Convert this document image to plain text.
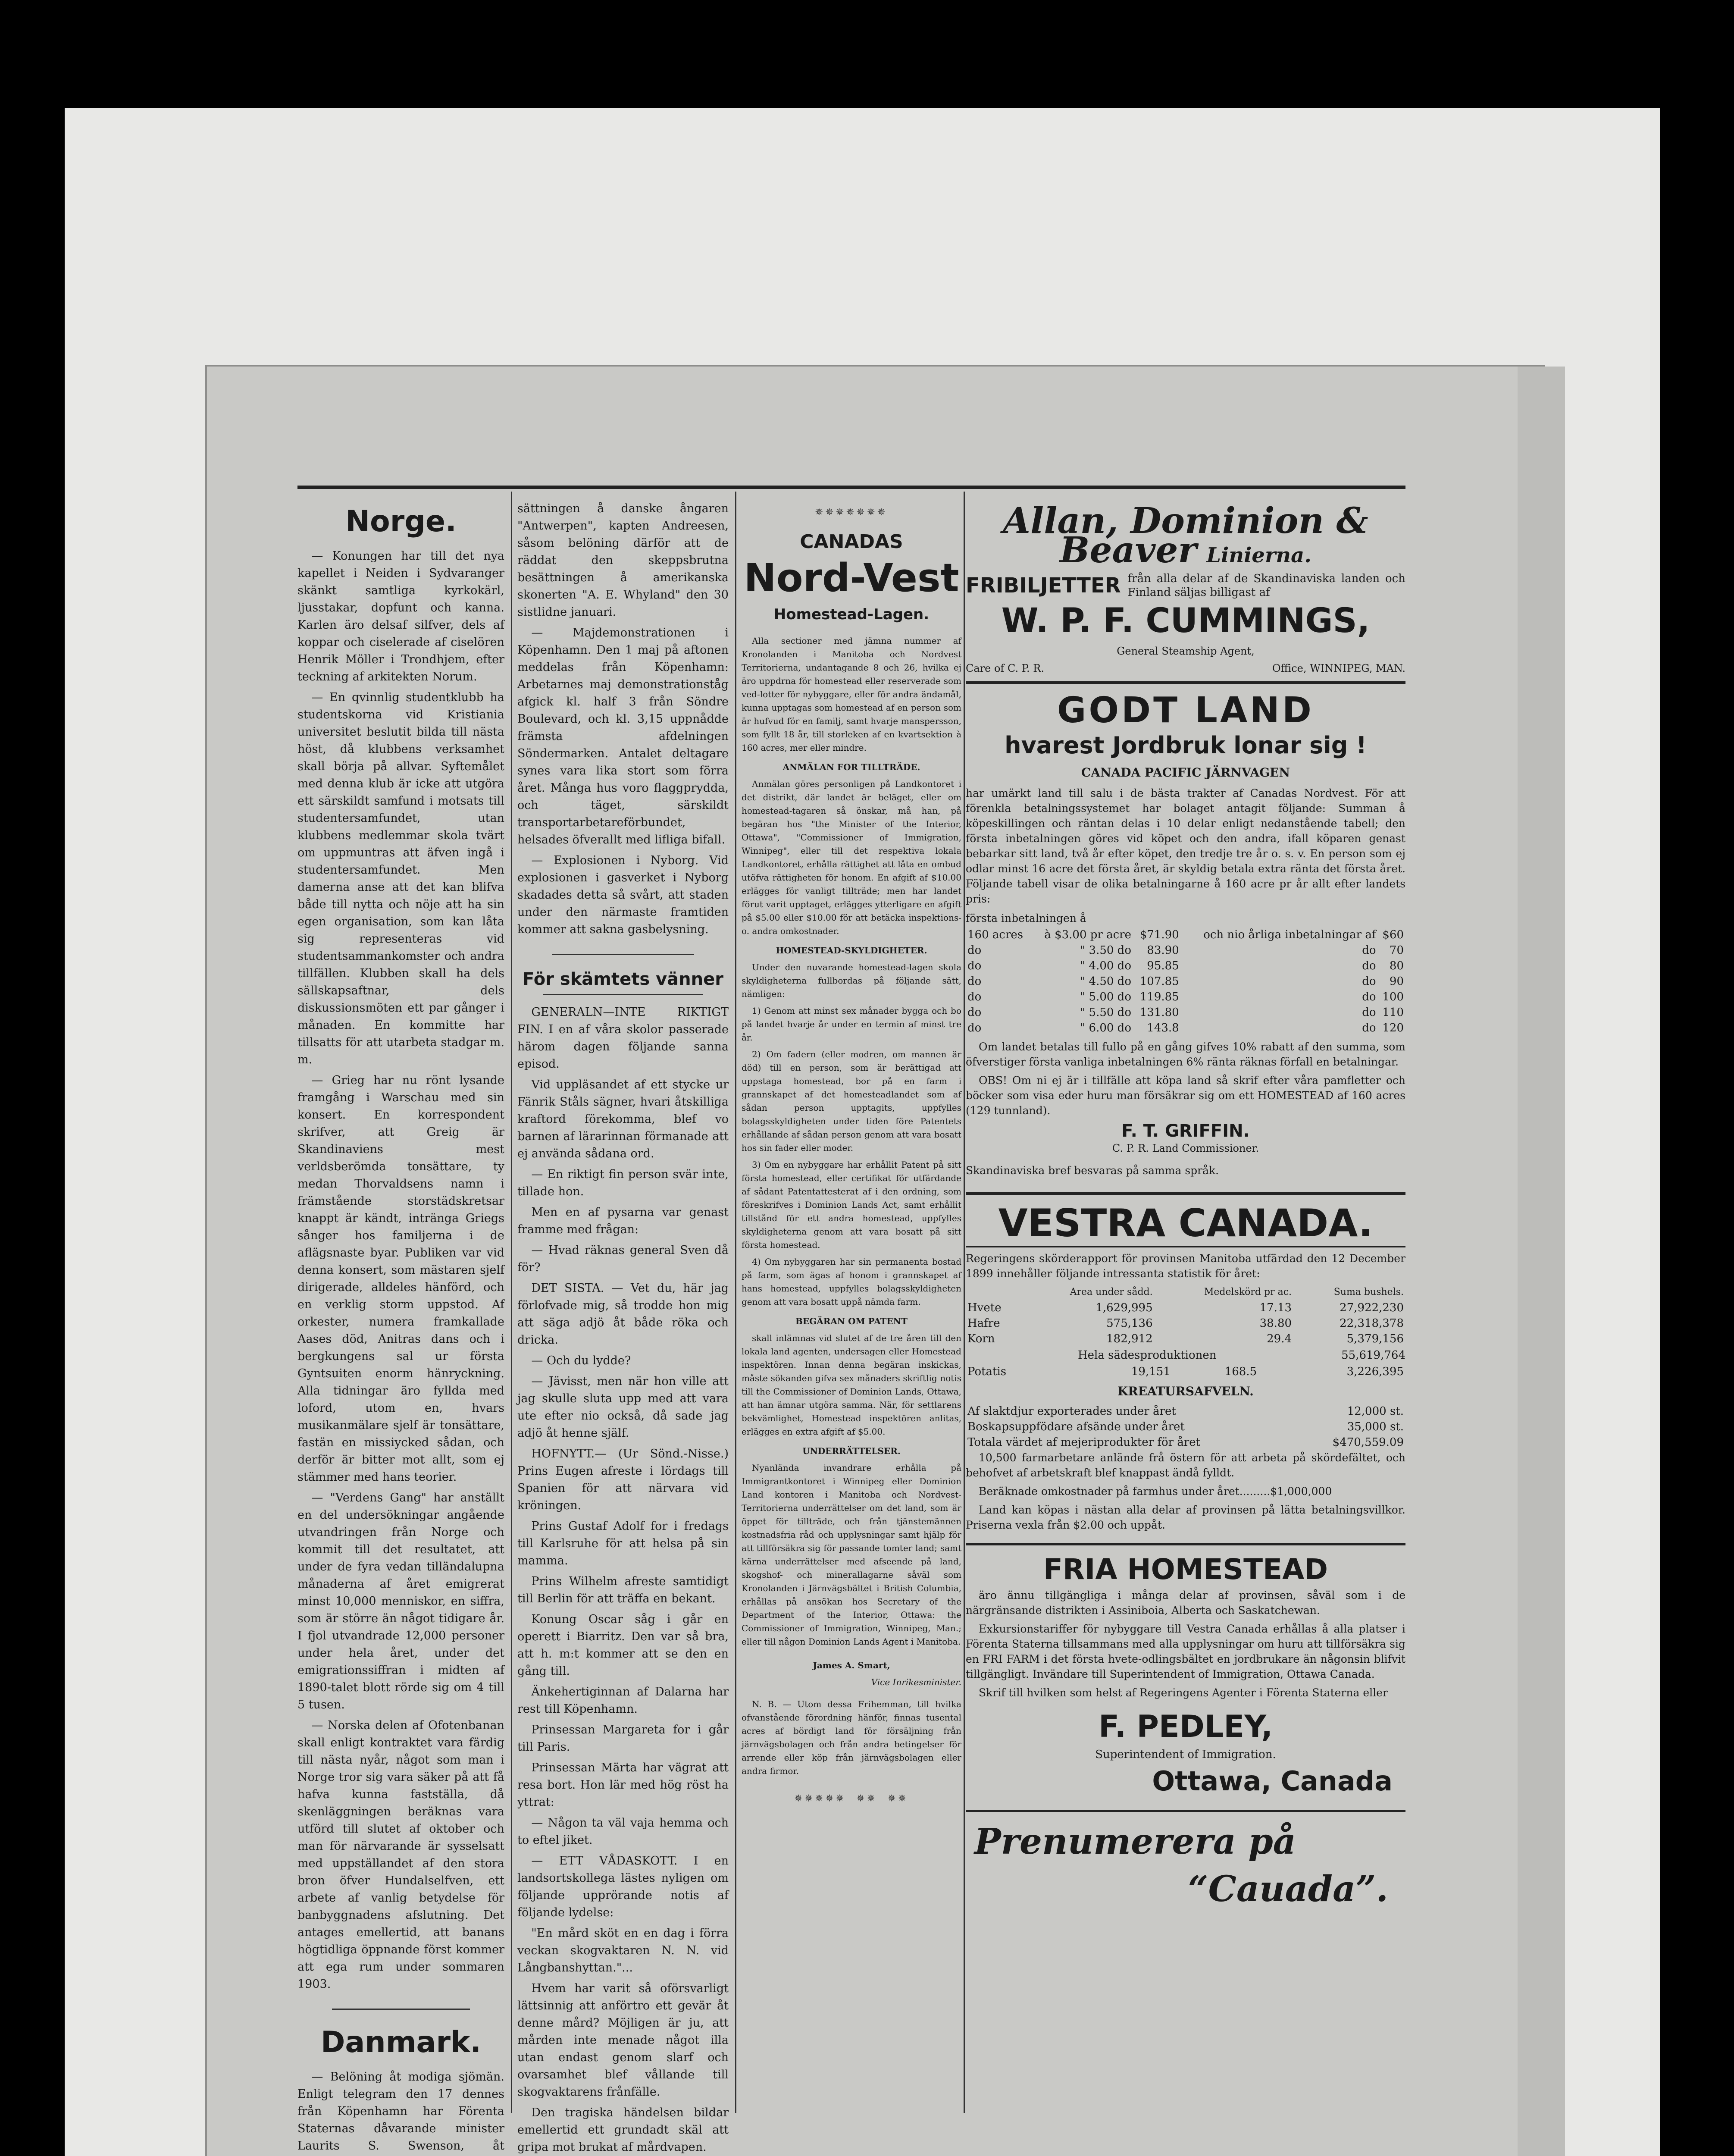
Norge.

— Konungen har till det nya kapellet i Neiden i Sydvaranger skänkt samtliga kyrkokärl, ljusstakar, dopfunt och kanna. Karlen äro delsaf silfver, dels af koppar och ciselerade af ciselören Henrik Möller i Trondhjem, efter teckning af arkitekten Norum.

— En qvinnlig studentklubb ha studentskorna vid Kristiania universitet beslutit bilda till nästa höst, då klubbens verksamhet skall börja på allvar. Syftemålet med denna klub är icke att utgöra ett särskildt samfund i motsats till studentersamfundet, utan klubbens medlemmar skola tvärt om uppmuntras att äfven ingå i studentersamfundet. Men damerna anse att det kan blifva både till nytta och nöje att ha sin egen organisation, som kan låta sig representeras vid studentsammankomster och andra tillfällen. Klubben skall ha dels sällskapsaftnar, dels diskussionsmöten ett par gånger i månaden. En kommitte har tillsatts för att utarbeta stadgar m. m.

— Grieg har nu rönt lysande framgång i Warschau med sin konsert. En korrespondent skrifver, att Greig är Skandinaviens mest verldsberömda tonsättare, ty medan Thorvaldsens namn i främstående storstädskretsar knappt är kändt, intränga Griegs sånger hos familjerna i de aflägsnaste byar. Publiken var vid denna konsert, som mästaren sjelf dirigerade, alldeles hänförd, och en verklig storm uppstod. Af orkester, numera framkallade Aases död, Anitras dans och i bergkungens sal ur första Gyntsuiten enorm hänryckning. Alla tidningar äro fyllda med loford, utom en, hvars musikanmälare sjelf är tonsättare, fastän en missiycked sådan, och derför är bitter mot allt, som ej stämmer med hans teorier.

— "Verdens Gang" har anställt en del undersökningar angående utvandringen från Norge och kommit till det resultatet, att under de fyra vedan tilländalupna månaderna af året emigrerat minst 10,000 menniskor, en siffra, som är större än något tidigare år. I fjol utvandrade 12,000 personer under hela året, under det emigrationssiffran i midten af 1890-talet blott rörde sig om 4 till 5 tusen.

— Norska delen af Ofotenbanan skall enligt kontraktet vara färdig till nästa nyår, något som man i Norge tror sig vara säker på att få hafva kunna fastställa, då skenläggningen beräknas vara utförd till slutet af oktober och man för närvarande är sysselsatt med uppställandet af den stora bron öfver Hundalselfven, ett arbete af vanlig betydelse för banbyggnadens afslutning. Det antages emellertid, att banans högtidliga öppnande först kommer att ega rum under sommaren 1903.

Danmark.

— Belöning åt modiga sjömän. Enligt telegram den 17 dennes från Köpenhamn har Förenta Staternas dåvarande minister Laurits S. Swenson, åt

sättningen å danske ångaren "Antwerpen", kapten Andreesen, såsom belöning därför att de räddat den skeppsbrutna besättningen å amerikanska skonerten "A. E. Whyland" den 30 sistlidne januari.

— Majdemonstrationen i Köpenhamn. Den 1 maj på aftonen meddelas från Köpenhamn: Arbetarnes maj demonstrationståg afgick kl. half 3 från Söndre Boulevard, och kl. 3,15 uppnådde främsta afdelningen Söndermarken. Antalet deltagare synes vara lika stort som förra året. Många hus voro flaggprydda, och täget, särskildt transportarbetareförbundet, helsades öfverallt med lifliga bifall.

— Explosionen i Nyborg. Vid explosionen i gasverket i Nyborg skadades detta så svårt, att staden under den närmaste framtiden kommer att sakna gasbelysning.

För skämtets vänner

GENERALN—INTE RIKTIGT FIN. I en af våra skolor passerade härom dagen följande sanna episod.

Vid uppläsandet af ett stycke ur Fänrik Ståls sägner, hvari åtskilliga kraftord förekomma, blef vo barnen af lärarinnan förmanade att ej använda sådana ord.

— En riktigt fin person svär inte, tillade hon.

Men en af pysarna var genast framme med frågan:

— Hvad räknas general Sven då för?

DET SISTA. — Vet du, här jag förlofvade mig, så trodde hon mig att säga adjö åt både röka och dricka.

— Och du lydde?

— Jävisst, men när hon ville att jag skulle sluta upp med att vara ute efter nio också, då sade jag adjö åt henne själf.

HOFNYTT.— (Ur Sönd.-Nisse.) Prins Eugen afreste i lördags till Spanien för att närvara vid kröningen.

Prins Gustaf Adolf for i fredags till Karlsruhe för att helsa på sin mamma.

Prins Wilhelm afreste samtidigt till Berlin för att träffa en bekant.

Konung Oscar såg i går en operett i Biarritz. Den var så bra, att h. m:t kommer att se den en gång till.

Änkehertiginnan af Dalarna har rest till Köpenhamn.

Prinsessan Margareta for i går till Paris.

Prinsessan Märta har vägrat att resa bort. Hon lär med hög röst ha yttrat:

— Någon ta väl vaja hemma och to eftel jiket.

— ETT VÅDASKOTT. I en landsortskollega lästes nyligen om följande upprörande notis af följande lydelse:

"En mård sköt en en dag i förra veckan skogvaktaren N. N. vid Långbanshyttan."...

Hvem har varit så oförsvarligt lättsinnig att anförtro ett gevär åt denne mård? Möjligen är ju, att mården inte menade något illa utan endast genom slarf och ovarsamhet blef vållande till skogvaktarens frånfälle.

Den tragiska händelsen bildar emellertid ett grundadt skäl att gripa mot brukat af mårdvapen.

✵✵✵✵✵✵✵
CANADAS
Nord-Vest
Homestead-Lagen.

Alla sectioner med jämna nummer af Kronolanden i Manitoba och Nordvest Territorierna, undantagande 8 och 26, hvilka ej äro uppdrna för homestead eller reserverade som ved-lotter för nybyggare, eller för andra ändamål, kunna upptagas som homestead af en person som är hufvud för en familj, samt hvarje manspersson, som fyllt 18 år, till storleken af en kvartsektion à 160 acres, mer eller mindre.

ANMÄLAN FOR TILLTRÄDE.

Anmälan göres personligen på Landkontoret i det distrikt, där landet är beläget, eller om homestead-tagaren så önskar, må han, på begäran hos "the Minister of the Interior, Ottawa", "Commissioner of Immigration, Winnipeg", eller till det respektiva lokala Landkontoret, erhålla rättighet att låta en ombud utöfva rättigheten för honom. En afgift af $10.00 erlägges för vanligt tillträde; men har landet förut varit upptaget, erlägges ytterligare en afgift på $5.00 eller $10.00 för att betäcka inspektions- o. andra omkostnader.

HOMESTEAD-SKYLDIGHETER.

Under den nuvarande homestead-lagen skola skyldigheterna fullbordas på följande sätt, nämligen:

1) Genom att minst sex månader bygga och bo på landet hvarje år under en termin af minst tre år.

2) Om fadern (eller modren, om mannen är död) till en person, som är berättigad att uppstaga homestead, bor på en farm i grannskapet af det homesteadlandet som af sådan person upptagits, uppfylles bolagsskyldigheten under tiden före Patentets erhållande af sådan person genom att vara bosatt hos sin fader eller moder.

3) Om en nybyggare har erhållit Patent på sitt första homestead, eller certifikat för utfärdande af sådant Patentattesterat af i den ordning, som föreskrifves i Dominion Lands Act, samt erhållit tillstånd för ett andra homestead, uppfylles skyldigheterna genom att vara bosatt på sitt första homestead.

4) Om nybyggaren har sin permanenta bostad på farm, som ägas af honom i grannskapet af hans homestead, uppfylles bolagsskyldigheten genom att vara bosatt uppå nämda farm.

BEGÄRAN OM PATENT

skall inlämnas vid slutet af de tre åren till den lokala land agenten, undersagen eller Homestead inspektören. Innan denna begäran inskickas, måste sökanden gifva sex månaders skriftlig notis till the Commissioner of Dominion Lands, Ottawa, att han ämnar utgöra samma. När, för settlarens bekvämlighet, Homestead inspektören anlitas, erlägges en extra afgift af $5.00.

UNDERRÄTTELSER.

Nyanlända invandrare erhålla på Immigrantkontoret i Winnipeg eller Dominion Land kontoren i Manitoba och Nordvest-Territorierna underrättelser om det land, som är öppet för tillträde, och från tjänstemännen kostnadsfria råd och upplysningar samt hjälp för att tillförsäkra sig för passande tomter land; samt kärna underrättelser med afseende på land, skogshof- och minerallagarne såväl som Kronolanden i Järnvägsbältet i British Columbia, erhållas på ansökan hos Secretary of the Department of the Interior, Ottawa: the Commissioner of Immigration, Winnipeg, Man.; eller till någon Dominion Lands Agent i Manitoba.

James A. Smart,

Vice Inrikesminister.

N. B. — Utom dessa Frihemman, till hvilka ofvanstående förordning hänför, finnas tusental acres af bördigt land för försäljning från järnvägsbolagen och från andra betingelser för arrende eller köp från järnvägsbolagen eller andra firmor.

✵✵✵✵✵ ✵✵ ✵✵
Allan, Dominion &
Beaver Linierna.
FRIBILJETTER från alla delar af de Skandinaviska landen och Finland säljas billigast af
W. P. F. CUMMINGS,
General Steamship Agent,
Care of C. P. R.	Office, WINNIPEG, MAN.
GODT LAND
hvarest Jordbruk lonar sig !
CANADA PACIFIC JÄRNVAGEN

har umärkt land till salu i de bästa trakter af Canadas Nordvest. För att förenkla betalningssystemet har bolaget antagit följande: Summan å köpeskillingen och räntan delas i 10 delar enligt nedanstående tabell; den första inbetalningen göres vid köpet och den andra, ifall köparen genast bebarkar sitt land, två år efter köpet, den tredje tre år o. s. v. En person som ej odlar minst 16 acre det första året, är skyldig betala extra ränta det första året. Följande tabell visar de olika betalningarne å 160 acre pr år allt efter landets pris:

första inbetalningen å
160 acres	à $3.00 pr acre	$71.90	och nio årliga inbetalningar af	$60
do	" 3.50 do	83.90	do	70
do	" 4.00 do	95.85	do	80
do	" 4.50 do	107.85	do	90
do	" 5.00 do	119.85	do	100
do	" 5.50 do	131.80	do	110
do	" 6.00 do	143.8	do	120

Om landet betalas till fullo på en gång gifves 10% rabatt af den summa, som öfverstiger första vanliga inbetalningen 6% ränta räknas förfall en betalningar.

OBS! Om ni ej är i tillfälle att köpa land så skrif efter våra pamfletter och böcker som visa eder huru man försäkrar sig om ett HOMESTEAD af 160 acres (129 tunnland).

F. T. GRIFFIN.
C. P. R. Land Commissioner.
Skandinaviska bref besvaras på samma språk.
VESTRA CANADA.

Regeringens skörderapport för provinsen Manitoba utfärdad den 12 December 1899 innehåller följande intressanta statistik för året:

	Area under sådd.	Medelskörd pr ac.	Sumа bushels.
Hvete	1,629,995	17.13	27,922,230
Hafre	575,136	38.80	22,318,378
Korn	182,912	29.4	5,379,156
Hela sädesproduktionen	55,619,764
Potatis	19,151	168.5	3,226,395
KREATURSAFVELN.
Af slaktdjur exporterades under året	12,000 st.
Boskapsuppfödare afsände under året	35,000 st.
Totala värdet af mejeriprodukter för året	$470,559.09

10,500 farmarbetare anlände frå östern för att arbeta på skördefältet, och behofvet af arbetskraft blef knappast ändå fylldt.

Beräknade omkostnader på farmhus under året.........$1,000,000

Land kan köpas i nästan alla delar af provinsen på lätta betalningsvillkor. Priserna vexla från $2.00 och uppåt.

FRIA HOMESTEAD

äro ännu tillgängliga i många delar af provinsen, såväl som i de närgränsande distrikten i Assiniboia, Alberta och Saskatchewan.

Exkursionstariffer för nybyggare till Vestra Canada erhållas å alla platser i Förenta Staterna tillsammans med alla upplysningar om huru att tillförsäkra sig en FRI FARM i det första hvete-odlingsbältet en jordbrukare än någonsin blifvit tillgängligt. Invändare till Superintendent of Immigration, Ottawa Canada.

Skrif till hvilken som helst af Regeringens Agenter i Förenta Staterna eller

F. PEDLEY,
Superintendent of Immigration.
Ottawa, Canada
Prenumerera på
“Cauada”.
